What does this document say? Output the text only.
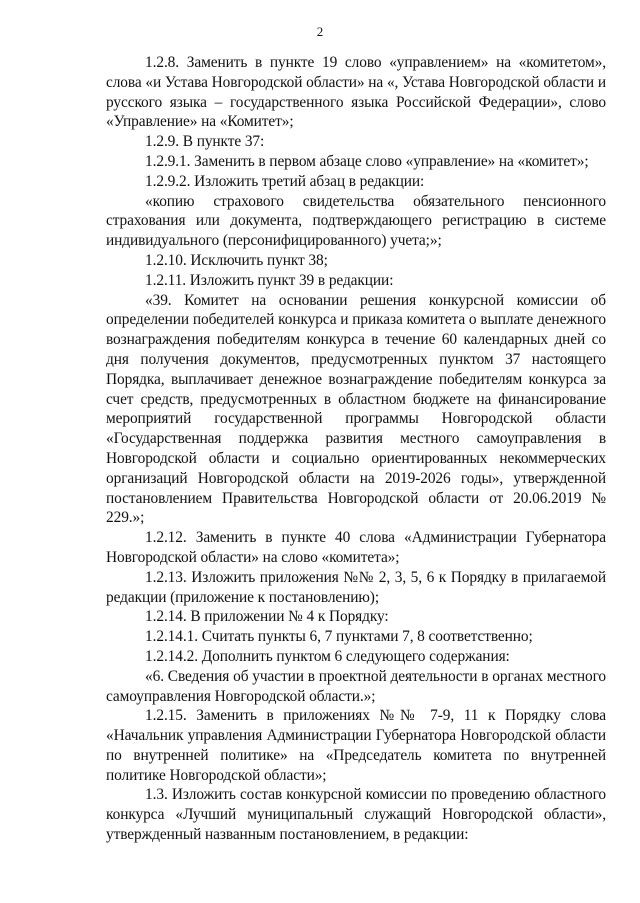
2

1.2.8. Заменить в пункте 19 слово «управлением» на «комитетом», слова «и Устава Новгородской области» на «, Устава Новгородской области и русского языка – государственного языка Российской Федерации», слово «Управление» на «Комитет»;

1.2.9. В пункте 37:

1.2.9.1. Заменить в первом абзаце слово «управление» на «комитет»;

1.2.9.2. Изложить третий абзац в редакции:

«копию страхового свидетельства обязательного пенсионного страхования или документа, подтверждающего регистрацию в системе индивидуального (персонифицированного) учета;»;

1.2.10. Исключить пункт 38;

1.2.11. Изложить пункт 39 в редакции:

«39. Комитет на основании решения конкурсной комиссии об определении победителей конкурса и приказа комитета о выплате денежного вознаграждения победителям конкурса в течение 60 календарных дней со дня получения документов, предусмотренных пунктом 37 настоящего Порядка, выплачивает денежное вознаграждение победителям конкурса за счет средств, предусмотренных в областном бюджете на финансирование мероприятий государственной программы Новгородской области «Государственная поддержка развития местного самоуправления в Новгородской области и социально ориентированных некоммерческих организаций Новгородской области на 2019-2026 годы», утвержденной постановлением Правительства Новгородской области от 20.06.2019 № 229.»;

1.2.12. Заменить в пункте 40 слова «Администрации Губернатора Новгородской области» на слово «комитета»;

1.2.13. Изложить приложения №№ 2, 3, 5, 6 к Порядку в прилагаемой редакции (приложение к постановлению);

1.2.14. В приложении № 4 к Порядку:

1.2.14.1. Считать пункты 6, 7 пунктами 7, 8 соответственно;

1.2.14.2. Дополнить пунктом 6 следующего содержания:

«6. Сведения об участии в проектной деятельности в органах местного самоуправления Новгородской области.»;

1.2.15. Заменить в приложениях №№ 7-9, 11 к Порядку слова «Начальник управления Администрации Губернатора Новгородской области по внутренней политике» на «Председатель комитета по внутренней политике Новгородской области»;

1.3. Изложить состав конкурсной комиссии по проведению областного конкурса «Лучший муниципальный служащий Новгородской области», утвержденный названным постановлением, в редакции:
